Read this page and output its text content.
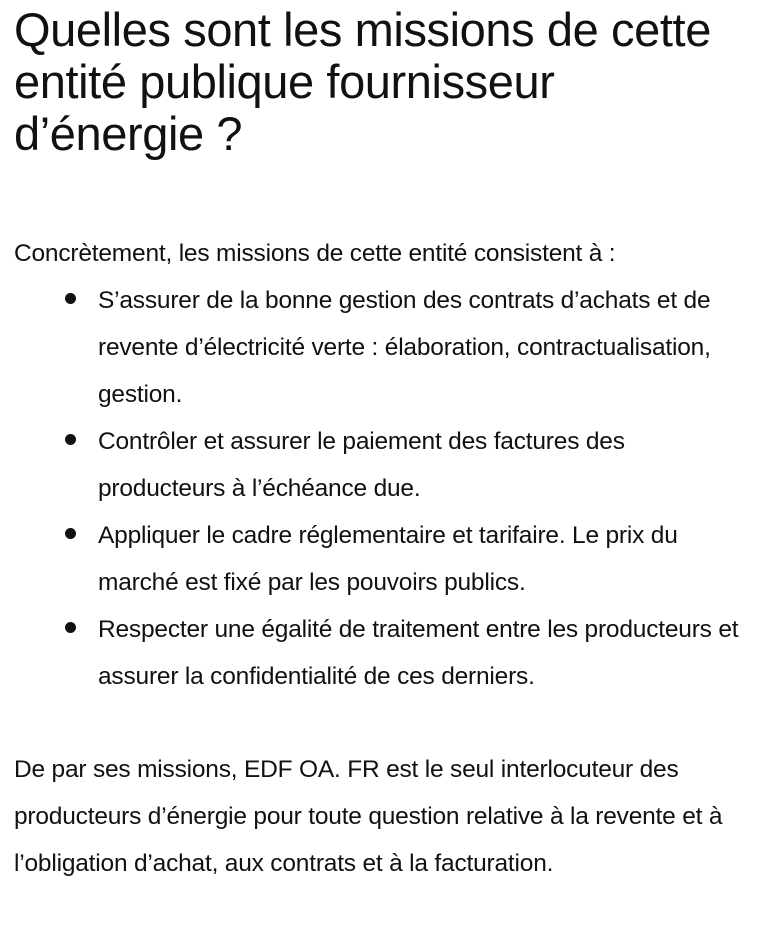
Quelles sont les missions de cette entité publique fournisseur d’énergie ?

Concrètement, les missions de cette entité consistent à :

S’assurer de la bonne gestion des contrats d’achats et de revente d’électricité verte : élaboration, contractualisation, gestion.
Contrôler et assurer le paiement des factures des producteurs à l’échéance due.
Appliquer le cadre réglementaire et tarifaire. Le prix du marché est fixé par les pouvoirs publics.
Respecter une égalité de traitement entre les producteurs et assurer la confidentialité de ces derniers.

De par ses missions, EDF OA. FR est le seul interlocuteur des producteurs d’énergie pour toute question relative à la revente et à l’obligation d’achat, aux contrats et à la facturation.
